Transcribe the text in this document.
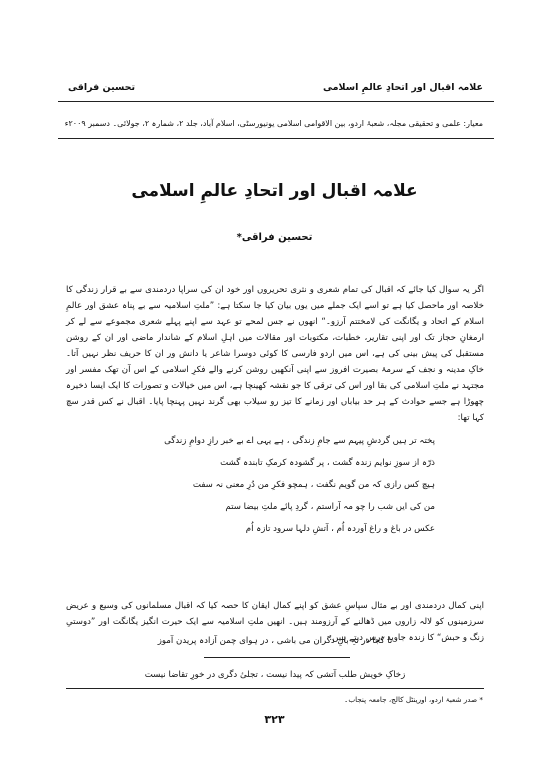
علامہ اقبال اور اتحادِ عالمِ اسلامی
تحسین فراقی
معیار: علمی و تحقیقی مجلہ، شعبۂ اردو، بین الاقوامی اسلامی یونیورسٹی، اسلام آباد، جلد ۲، شمارہ ۲، جولائی۔ دسمبر ۲۰۰۹ء
علامہ اقبال اور اتحادِ عالمِ اسلامی
تحسین فراقی*

اگر یہ سوال کیا جائے کہ اقبال کی تمام شعری و نثری تحریروں اور خود ان کی سراپا دردمندی سے بے قرار زندگی کا خلاصہ اور ماحصل کیا ہے تو اسے ایک جملے میں یوں بیان کیا جا سکتا ہے: ”ملتِ اسلامیہ سے بے پناہ عشق اور عالمِ اسلام کے اتحاد و یگانگت کی لامختتم آرزو۔“ انھوں نے جس لمحے تو عہد سے اپنے پہلے شعری مجموعے سے لے کر ارمغانِ حجاز تک اور اپنی تقاریر، خطبات، مکتوبات اور مقالات میں اہلِ اسلام کے شاندار ماضی اور ان کے روشن مستقبل کی پیش بینی کی ہے، اس میں اردو فارسی کا کوئی دوسرا شاعر یا دانش ور ان کا حریف نظر نہیں آتا۔ خاکِ مدینہ و نجف کے سرمۂ بصیرت افروز سے اپنی آنکھیں روشن کرنے والے فکرِ اسلامی کے اس آن تھک مفسر اور مجتہد نے ملتِ اسلامی کی بقا اور اس کی ترقی کا جو نقشہ کھینچا ہے، اس میں خیالات و تصورات کا ایک ایسا ذخیرہ چھوڑا ہے جسے حوادث کے ہر حد بیاباں اور زمانے کا تیز رو سیلاب بھی گرند نہیں پہنچا پایا۔ اقبال نے کس قدر سچ کہا تھا:

پختہ تر ہیں گردشِ پیہم سے جامِ زندگی ، ہے یہی اے بے خبر رازِ دوامِ زندگی
ذرّہ از سوزِ نوایم زندہ گشت ، پر گشودہ کرمکِ تابندہ گشت
ہیچ کس رازی کہ من گویم نگفت ، ہمچو فکرِ من دُرِ معنی نہ سفت
من کی ایں شب را چو مہ آراستم ، گردِ پائے ملتِ بیضا ستم
عکس در باغ و راغ آوردہ اُم ، آتشِ دلہا سرود تازہ اُم

اپنی کمال دردمندی اور بے مثال سپاسِ عشق کو اپنے کمال ایقان کا حصہ کیا کہ اقبال مسلمانوں کی وسیع و عریض سرزمینوں کو لالہ زاروں میں ڈھالنے کے آرزومند ہیں۔ انھیں ملتِ اسلامیہ سے ایک حیرت انگیز یگانگت اور ”دوستیِ زنگ و حبش“ کا زندہ جاوید درس دیتے ہیں:

تا کجا در تہِ بالِ دگران می باشی ، در ہوای چمن آزادہ پریدن آموز
زخاکِ خویش طلب آتشی کہ پیدا نیست ، تجلیٔ دگری در خورِ تقاضا نیست
* صدر شعبۂ اردو، اورینٹل کالج، جامعہ پنجاب۔
۳۲۳
